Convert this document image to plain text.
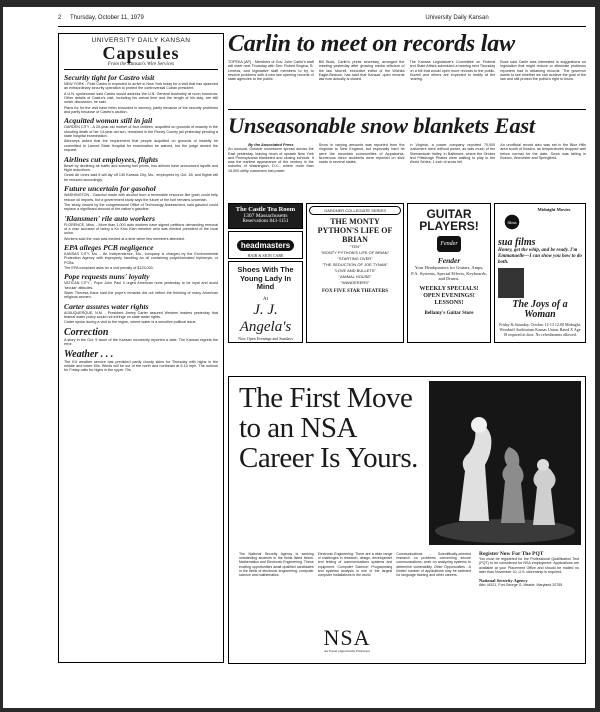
2	Thursday, October 11, 1979	University Daily Kansan
UNIVERSITY DAILY KANSAN
Capsules
From the Kansan's Wire Services
Security tight for Castro visit

NEW YORK - Fidel Castro is expected to arrive in New York today for a visit that has spawned an extraordinary security operation to protect the controversial Cuban president.

A U.N. spokesman said Castro would address the U.N. General Assembly at noon tomorrow. Other details of Castro's visit, including his arrival time and the length of his stay, are still under discussion, he said.

Plans for for the visit have been shrouded in secrecy, partly because of the security problems and partly because of Castro's caution.

Acquitted woman still in jail

GARDEN CITY - A 20-year-old mother of four children, acquitted on grounds of insanity in the shooting death of her 14-year-old son, remained in the Finney County jail yesterday pending a state hospital examination.

Attorneys asked that the requirement that people acquitted on grounds of insanity be committed to Larned State Hospital for examination be waived, but the judge denied the request.

Airlines cut employees, flights

Beset by declining air traffic and soaring fuel prices, two airlines have announced layoffs and flight reductions.

Ozark Air Lines said it will lay off 130 Kansas City, Mo., employees by Oct. 18, and flights will be reduced accordingly.

Future uncertain for gasohol

WASHINGTON - Gasohol made with alcohol from a renewable resource like grain could help reduce oil imports, but a government study says the future of the fuel remains uncertain.

The study, issued by the congressional Office of Technology Assessment, said gasohol could replace a significant amount of the nation's gasoline.

'Klansmen' rile auto workers

FLORENCE, Miss. - More than 1,000 auto workers have signed petitions demanding removal of a man accused of being a Ku Klux Klan member who was elected president of the local union.

Workers said the man was elected at a time when few members attended.

EPA alleges PCB negligence

KANSAS CITY, Mo. - An Independence, Mo., company is charged by the Environmental Protection Agency with improperly handling an oil containing polychlorinated biphenyls, or PCBs.

The EPA complaint asks for a civil penalty of $125,000.

Pope requests nuns' loyalty

VATICAN CITY - Pope John Paul II urged American nuns yesterday to be loyal and avoid 'secular' attitudes.

Sister Theresa Kane said the pope's remarks did not reflect the thinking of many American religious women.

Carter assures water rights

ALBUQUERQUE, N.M. - President Jimmy Carter assured Western leaders yesterday that federal water policy would not infringe on state water rights.

Carter spoke during a visit to the region, where water is a sensitive political issue.

Correction

A story in the Oct. 9 issue of the Kansan incorrectly reported a date. The Kansan regrets the error.

Weather . . .

The KU weather service has predicted partly cloudy skies for Thursday with highs in the middle and lower 60s. Winds will be out of the north and northeast at 5-10 mph. The outlook for Friday calls for highs in the upper 70s.

Carlin to meet on records law
TOPEKA (AP) - Members of Gov. John Carlin's staff will meet next Thursday with Sen. Robert Bogina, R-Lenexa, and legislative staff members to try to resolve problems with a new law opening records of state agencies to the public.
Bill Buck, Carlin's press secretary, arranged the meeting yesterday after growing media criticism of the law. Murrell, executive editor of the Wichita Eagle-Beacon, has said that Kansas' open records law now actually is closed.
The Kansas Legislature's Committee on Federal and State Affairs scheduled a hearing next Thursday on a bill that would open more records to the public. Murrell and others are expected to testify at the hearing.
Buck said Carlin was interested in suggestions on legislation that might reduce or eliminate problems reporters had in obtaining records. 'The governor wants to see whether we can achieve the goal of the law and still protect the public's right to know.'
Unseasonable snow blankets East
By the Associated Press
An unusual, October snowstorm spread across the East yesterday, leaving much of upstate New York and Pennsylvania blanketed and closing schools. It was the earliest appearance of the century in the suburbs of Washington, D.C., where more than 15,000 utility customers lost power.
Snow in varying amounts was reported from the Virginias to New England, but especially hard hit were the mountain communities of Appalachia. Numerous minor accidents were reported on slick roads in several states.
In Virginia, a power company reported 70,000 customers were without power, as was much of the Shenandoah Valley. In Baltimore, where the Orioles and Pittsburgh Pirates were waiting to play in the World Series, 1 inch of snow fell.
An unofficial record also was set in the Blue Hills area south of Boston, as temperatures dropped well below normal for the date. Snow was falling in Boston, Worcester and Springfield.
The Castle Tea Room
1307 Massachusetts
Reservations 843-1151
headmasters
HAIR & SKIN CARE
Shoes With The Young Lady In Mind
At
J. J. Angela's
Now Open Evenings and Sundays
842-3007
GARDNER COLLEGIATE SERIES
THE MONTY PYTHON'S LIFE OF BRIAN
"TEN"
"MONTY PYTHON'S LIFE OF BRIAN"
"STARTING OVER"
"THE SEDUCTION OF JOE TYNAN"
"LOVE AND BULLETS"
"ANIMAL HOUSE"
"WANDERERS"
FOX FIVE STAR THEATERS
GUITAR PLAYERS!
Fender
Fender
Your Headquarters for Guitars, Amps, P.A. Systems, Special Effects, Keyboards, and Drums.
WEEKLY SPECIALS! OPEN EVENINGS! LESSONS!
Bellamy's Guitar Store
films
Midnight Movies
sua films
Honey, get the whip, and be ready. I'm Emmanuelle—I can show you how to do both.
The Joys of a Woman
Friday & Saturday, October 12-13 12:00 Midnight, Woodruff Auditorium Kansas Union. Rated X Age 18 required at door. No refreshments allowed.
The First Move to an NSA Career Is Yours.
The National Security Agency is seeking outstanding students in the fields listed below. Mathematics and Electronic Engineering. These exciting opportunities await qualified candidates in the fields of electronic engineering, computer science and mathematics.
Electronic Engineering: There are a wide range of challenges in research, design, development and testing of communications systems and equipment. Computer Science: Programming and systems analysis in one of the largest computer installations in the world.
Communications - Scientifically-oriented research on problems concerning secure communications; work on analyzing systems to determine vulnerability. Other Opportunities - A limited number of applications may be selected for language training and other careers.
Register Now For The PQT

You must be registered for the Professional Qualification Test (PQT) to be considered for NSA employment. Applications are available at your Placement Office and should be mailed no later than November 10. U.S. citizenship is required.

National Security Agency

Attn: M321, Fort George G. Meade, Maryland 20755

NSA
An Equal Opportunity Employer
